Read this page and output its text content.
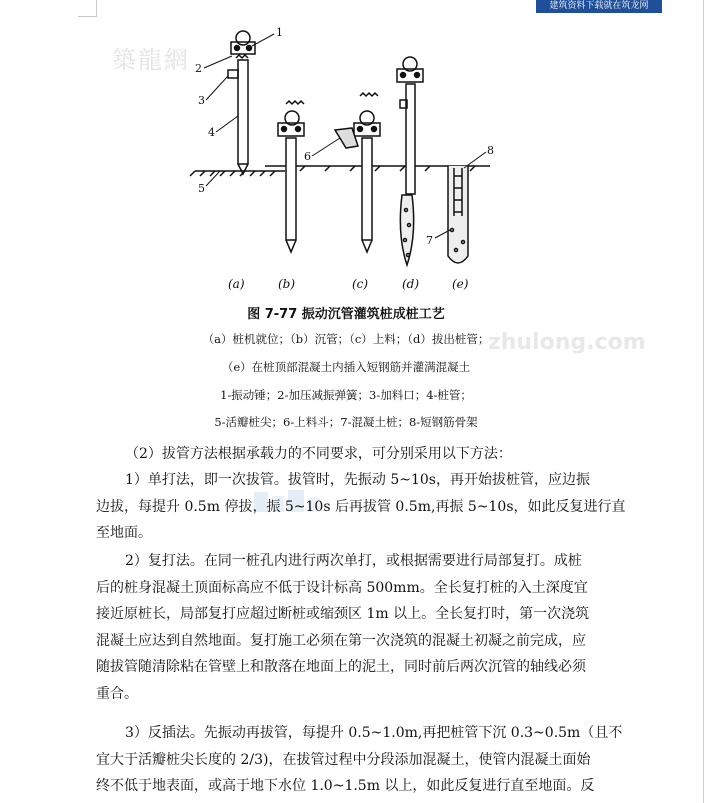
建筑资料下载就在筑龙网
築龍網
zhulong.com
1
2
3
4
5
6
7
8
(a)	(b)	(c)	(d)	(e)
图 7-77 振动沉管灌筑桩成桩工艺
（a）桩机就位；（b）沉管；（c）上料；（d）拔出桩管；
（e）在桩顶部混凝土内插入短钢筋并灌满混凝土
1-振动锤；2-加压减振弹簧；3-加料口；4-桩管；
5-活瓣桩尖；6-上料斗；7-混凝土桩；8-短钢筋骨架
（2）拔管方法根据承载力的不同要求，可分别采用以下方法：
1）单打法，即一次拔管。拔管时，先振动 5~10s，再开始拔桩管，应边振
边拔，每提升 0.5m 停拔，振 5~10s 后再拔管 0.5m,再振 5~10s，如此反复进行直
至地面。
2）复打法。在同一桩孔内进行两次单打，或根据需要进行局部复打。成桩
后的桩身混凝土顶面标高应不低于设计标高 500mm。全长复打桩的入土深度宜
接近原桩长，局部复打应超过断桩或缩颈区 1m 以上。全长复打时，第一次浇筑
混凝土应达到自然地面。复打施工必须在第一次浇筑的混凝土初凝之前完成，应
随拔管随清除粘在管壁上和散落在地面上的泥土，同时前后两次沉管的轴线必须
重合。
3）反插法。先振动再拔管，每提升 0.5~1.0m,再把桩管下沉 0.3~0.5m（且不
宜大于活瓣桩尖长度的 2/3)，在拔管过程中分段添加混凝土，使管内混凝土面始
终不低于地表面，或高于地下水位 1.0~1.5m 以上，如此反复进行直至地面。反
